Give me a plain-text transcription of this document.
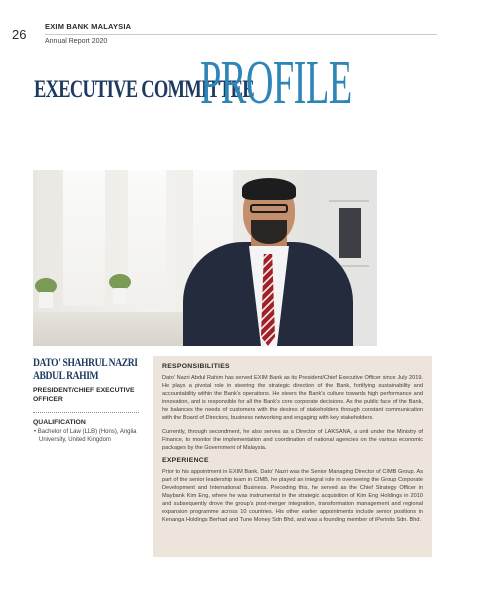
26
EXIM BANK MALAYSIA
Annual Report 2020
EXECUTIVE COMMITTEE
PROFILE
DATO' SHAHRUL NAZRI
ABDUL RAHIM
PRESIDENT/CHIEF EXECUTIVE OFFICER
QUALIFICATION
• Bachelor of Law (LLB) (Hons), Anglia University, United Kingdom
RESPONSIBILITIES

Dato' Nazri Abdul Rahim has served EXIM Bank as its President/Chief Executive Officer since July 2019. He plays a pivotal role in steering the strategic direction of the Bank, fortifying sustainability and accountability within the Bank's operations. He steers the Bank's culture towards high performance and innovation, and is responsible for all the Bank's core corporate decisions. As the public face of the Bank, he balances the needs of customers with the desires of stakeholders through constant communication with the Board of Directors, business networking and engaging with key stakeholders.

Currently, through secondment, he also serves as a Director of LAKSANA, a unit under the Ministry of Finance, to monitor the implementation and coordination of national agencies on the various economic packages by the Government of Malaysia.

EXPERIENCE

Prior to his appointment in EXIM Bank, Dato' Nazri was the Senior Managing Director of CIMB Group. As part of the senior leadership team in CIMB, he played an integral role in overseeing the Group Corporate Development and International Business. Preceding this, he served as the Chief Strategy Officer in Maybank Kim Eng, where he was instrumental in the strategic acquisition of Kim Eng Holdings in 2010 and subsequently drove the group's post-merger integration, transformation management and regional expansion programme across 10 countries. His other earlier appointments include senior positions in Kenanga Holdings Berhad and Tune Money Sdn Bhd, and was a founding member of iPerintis Sdn. Bhd.
